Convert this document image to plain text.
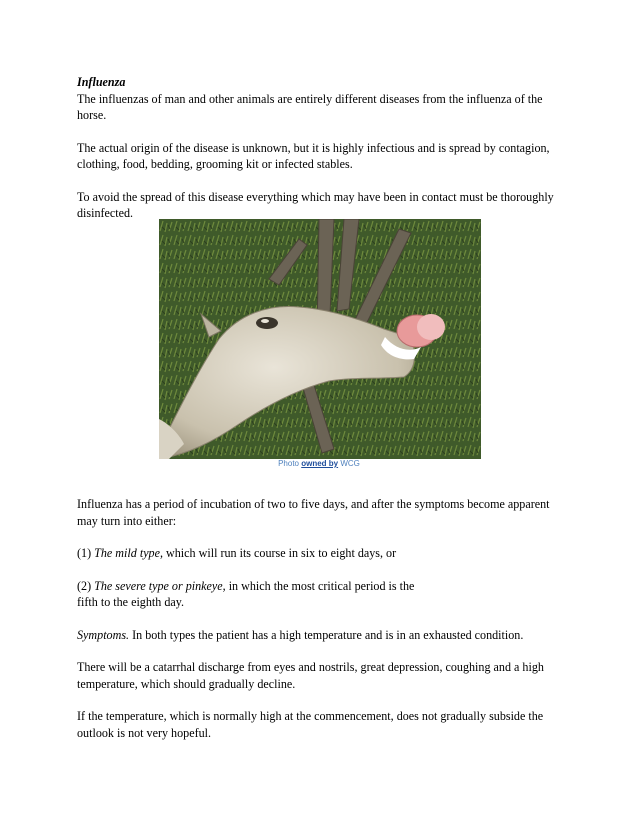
Influenza

The influenzas of man and other animals are entirely different diseases from the influenza of the horse.

The actual origin of the disease is unknown, but it is highly infectious and is spread by contagion, clothing, food, bedding, grooming kit or infected stables.

To avoid the spread of this disease everything which may have been in contact must be thoroughly disinfected.

Photo owned by WCG

Influenza has a period of incubation of two to five days, and after the symptoms become apparent may turn into either:

(1) The mild type, which will run its course in six to eight days, or

(2) The severe type or pinkeye, in which the most critical period is the
fifth to the eighth day.

Symptoms. In both types the patient has a high temperature and is in an exhausted condition.

There will be a catarrhal discharge from eyes and nostrils, great depression, coughing and a high temperature, which should gradually decline.

If the temperature, which is normally high at the commencement, does not gradually subside the outlook is not very hopeful.
